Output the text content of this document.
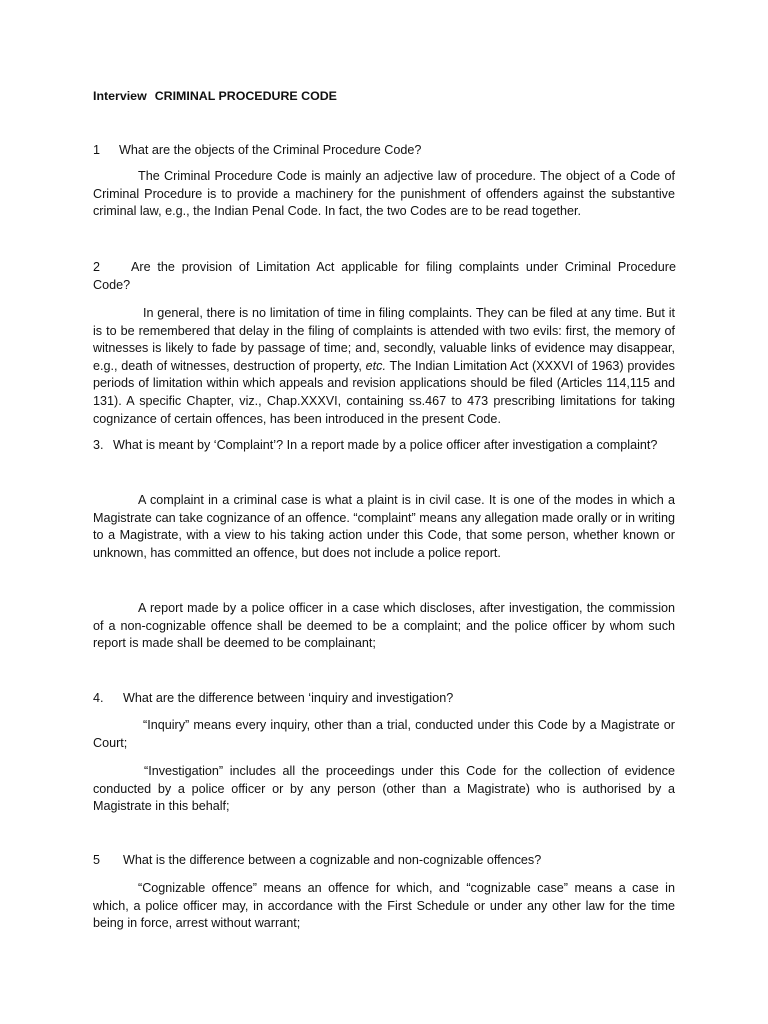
Interview CRIMINAL PROCEDURE CODE
1 What are the objects of the Criminal Procedure Code?
The Criminal Procedure Code is mainly an adjective law of procedure. The object of a Code of Criminal Procedure is to provide a machinery for the punishment of offenders against the substantive criminal law, e.g., the Indian Penal Code. In fact, the two Codes are to be read together.
2 Are the provision of Limitation Act applicable for filing complaints under Criminal Procedure Code?
In general, there is no limitation of time in filing complaints. They can be filed at any time. But it is to be remembered that delay in the filing of complaints is attended with two evils: first, the memory of witnesses is likely to fade by passage of time; and, secondly, valuable links of evidence may disappear, e.g., death of witnesses, destruction of property, etc. The Indian Limitation Act (XXXVI of 1963) provides periods of limitation within which appeals and revision applications should be filed (Articles 114,115 and 131). A specific Chapter, viz., Chap.XXXVI, containing ss.467 to 473 prescribing limitations for taking cognizance of certain offences, has been introduced in the present Code.
3. What is meant by ‘Complaint’? In a report made by a police officer after investigation a complaint?
A complaint in a criminal case is what a plaint is in civil case. It is one of the modes in which a Magistrate can take cognizance of an offence. “complaint” means any allegation made orally or in writing to a Magistrate, with a view to his taking action under this Code, that some person, whether known or unknown, has committed an offence, but does not include a police report.
A report made by a police officer in a case which discloses, after investigation, the commission of a non-cognizable offence shall be deemed to be a complaint; and the police officer by whom such report is made shall be deemed to be complainant;
4. What are the difference between ‘inquiry and investigation?
“Inquiry” means every inquiry, other than a trial, conducted under this Code by a Magistrate or Court;
“Investigation” includes all the proceedings under this Code for the collection of evidence conducted by a police officer or by any person (other than a Magistrate) who is authorised by a Magistrate in this behalf;
5 What is the difference between a cognizable and non-cognizable offences?
“Cognizable offence” means an offence for which, and “cognizable case” means a case in which, a police officer may, in accordance with the First Schedule or under any other law for the time being in force, arrest without warrant;
